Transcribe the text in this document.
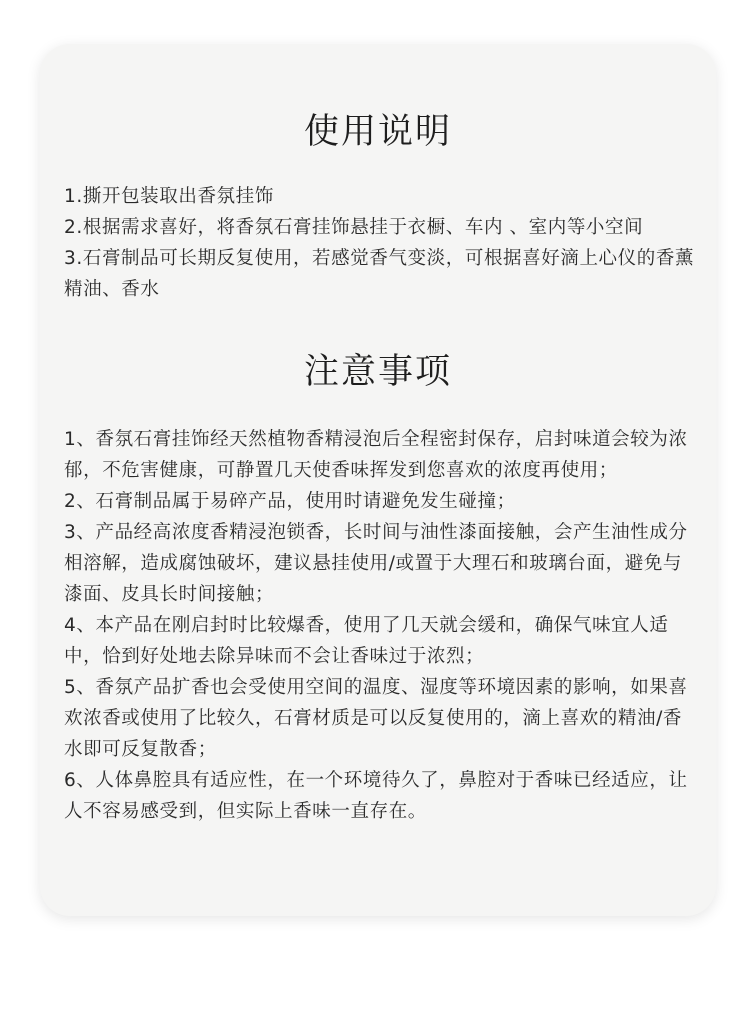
使用说明

1.撕开包装取出香氛挂饰

2.根据需求喜好，将香氛石膏挂饰悬挂于衣橱、车内 、室内等小空间

3.石膏制品可长期反复使用，若感觉香气变淡，可根据喜好滴上心仪的香薰精油、香水

注意事项

1、香氛石膏挂饰经天然植物香精浸泡后全程密封保存，启封味道会较为浓郁，不危害健康，可静置几天使香味挥发到您喜欢的浓度再使用；

2、石膏制品属于易碎产品，使用时请避免发生碰撞；

3、产品经高浓度香精浸泡锁香，长时间与油性漆面接触，会产生油性成分相溶解，造成腐蚀破坏，建议悬挂使用/或置于大理石和玻璃台面，避免与漆面、皮具长时间接触；

4、本产品在刚启封时比较爆香，使用了几天就会缓和，确保气味宜人适中，恰到好处地去除异味而不会让香味过于浓烈；

5、香氛产品扩香也会受使用空间的温度、湿度等环境因素的影响，如果喜欢浓香或使用了比较久，石膏材质是可以反复使用的，滴上喜欢的精油/香水即可反复散香；

6、人体鼻腔具有适应性，在一个环境待久了，鼻腔对于香味已经适应，让人不容易感受到，但实际上香味一直存在。
